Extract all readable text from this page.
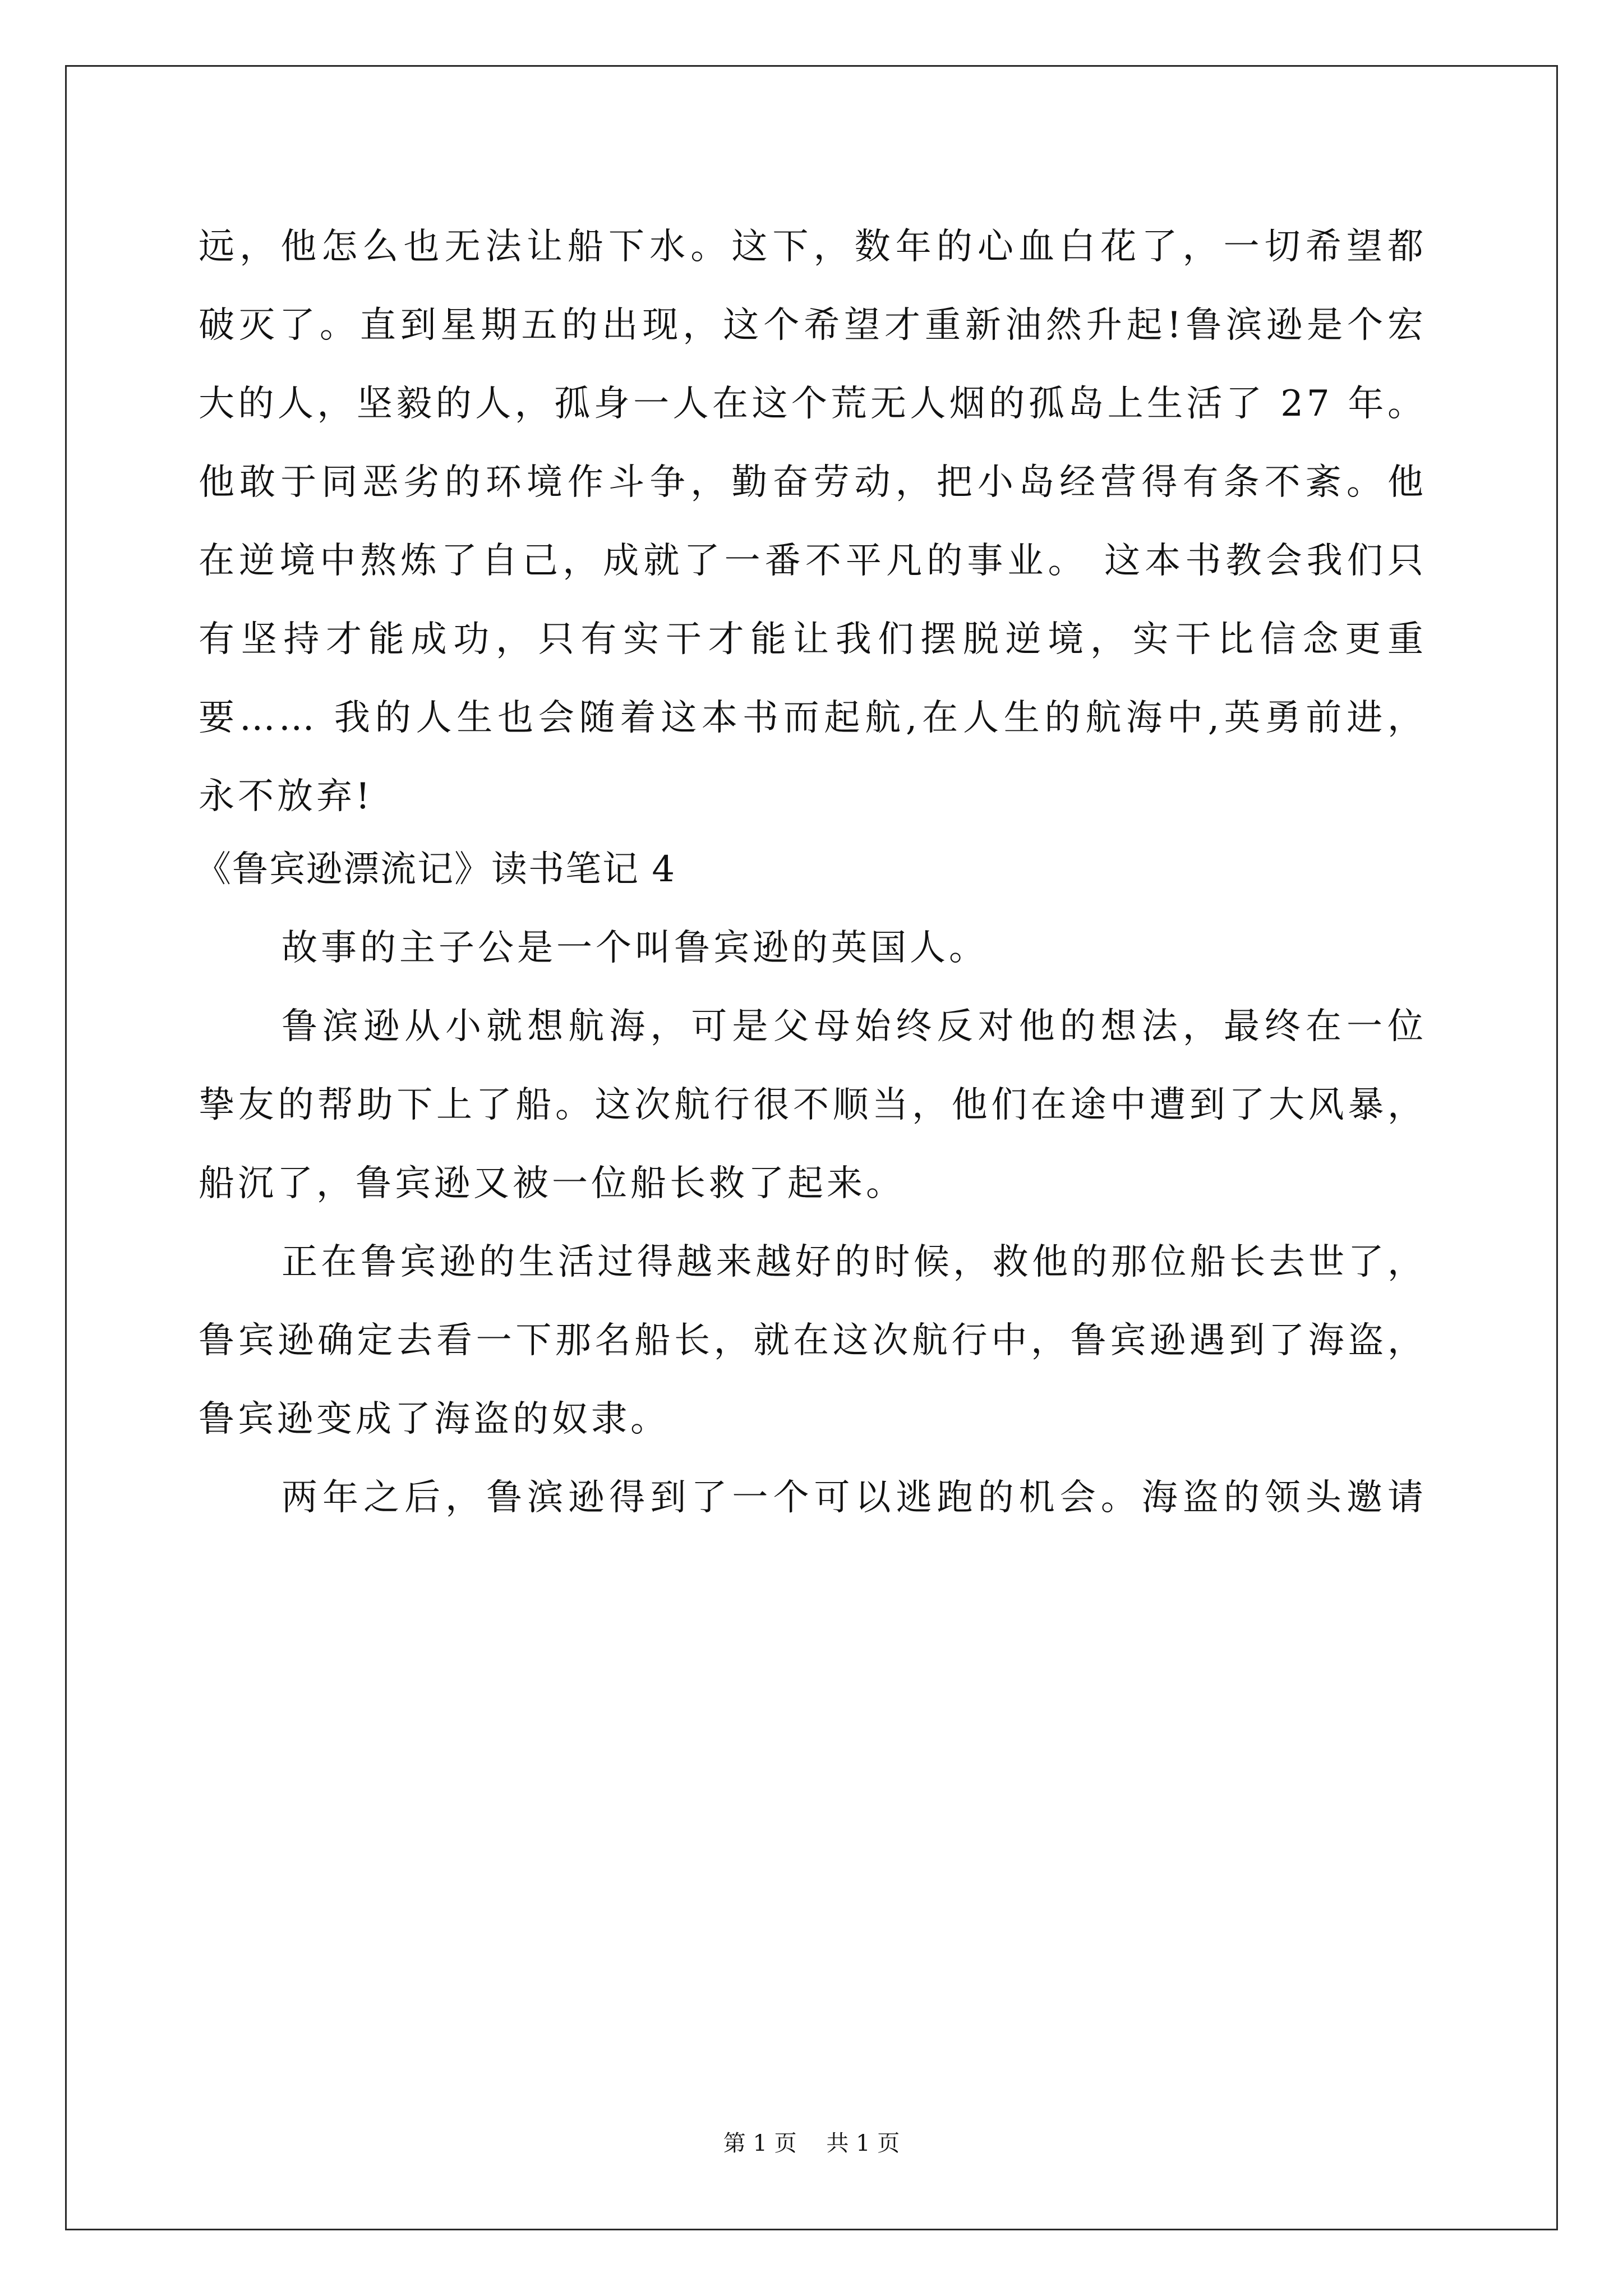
远，他怎么也无法让船下水。这下，数年的心血白花了，一切希望都
破灭了。直到星期五的出现，这个希望才重新油然升起!鲁滨逊是个宏
大的人，坚毅的人，孤身一人在这个荒无人烟的孤岛上生活了 27 年。
他敢于同恶劣的环境作斗争，勤奋劳动，把小岛经营得有条不紊。他
在逆境中熬炼了自己，成就了一番不平凡的事业。 这本书教会我们只
有坚持才能成功，只有实干才能让我们摆脱逆境，实干比信念更重
要…… 我的人生也会随着这本书而起航,在人生的航海中,英勇前进，
永不放弃!
《鲁宾逊漂流记》读书笔记 4
故事的主子公是一个叫鲁宾逊的英国人。
鲁滨逊从小就想航海，可是父母始终反对他的想法，最终在一位
挚友的帮助下上了船。这次航行很不顺当，他们在途中遭到了大风暴，
船沉了，鲁宾逊又被一位船长救了起来。
正在鲁宾逊的生活过得越来越好的时候，救他的那位船长去世了，
鲁宾逊确定去看一下那名船长，就在这次航行中，鲁宾逊遇到了海盗，
鲁宾逊变成了海盗的奴隶。
两年之后，鲁滨逊得到了一个可以逃跑的机会。海盗的领头邀请
第 1 页 共 1 页
